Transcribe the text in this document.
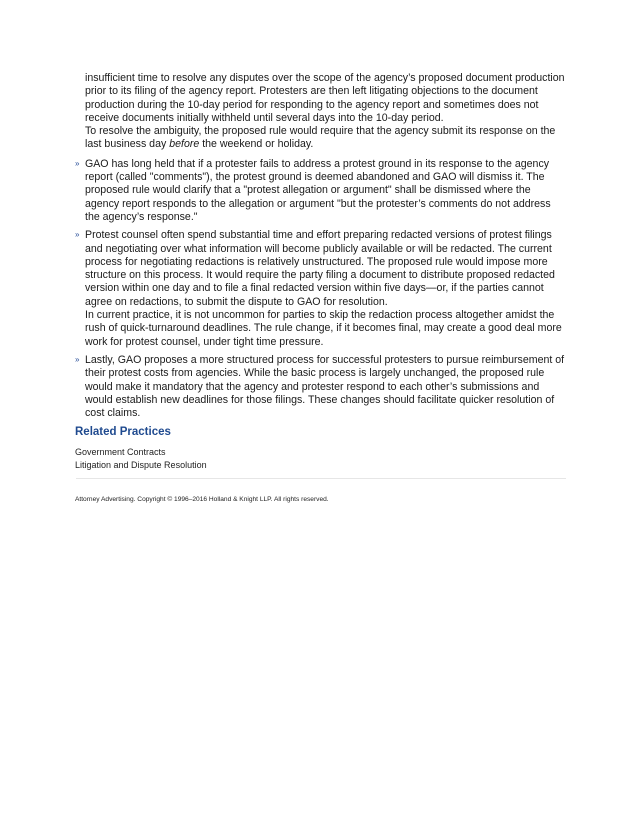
insufficient time to resolve any disputes over the scope of the agency’s proposed document production prior to its filing of the agency report. Protesters are then left litigating objections to the document production during the 10-day period for responding to the agency report and sometimes does not receive documents initially withheld until several days into the 10-day period.

To resolve the ambiguity, the proposed rule would require that the agency submit its response on the last business day before the weekend or holiday.

» GAO has long held that if a protester fails to address a protest ground in its response to the agency report (called "comments"), the protest ground is deemed abandoned and GAO will dismiss it. The proposed rule would clarify that a "protest allegation or argument" shall be dismissed where the agency report responds to the allegation or argument "but the protester’s comments do not address the agency’s response."

» Protest counsel often spend substantial time and effort preparing redacted versions of protest filings and negotiating over what information will become publicly available or will be redacted. The current process for negotiating redactions is relatively unstructured. The proposed rule would impose more structure on this process. It would require the party filing a document to distribute proposed redacted version within one day and to file a final redacted version within five days—or, if the parties cannot agree on redactions, to submit the dispute to GAO for resolution.

In current practice, it is not uncommon for parties to skip the redaction process altogether amidst the rush of quick-turnaround deadlines. The rule change, if it becomes final, may create a good deal more work for protest counsel, under tight time pressure.

» Lastly, GAO proposes a more structured process for successful protesters to pursue reimbursement of their protest costs from agencies. While the basic process is largely unchanged, the proposed rule would make it mandatory that the agency and protester respond to each other’s submissions and would establish new deadlines for those filings. These changes should facilitate quicker resolution of cost claims.

Related Practices
Government Contracts
Litigation and Dispute Resolution
Attorney Advertising. Copyright © 1996–2016 Holland & Knight LLP. All rights reserved.
